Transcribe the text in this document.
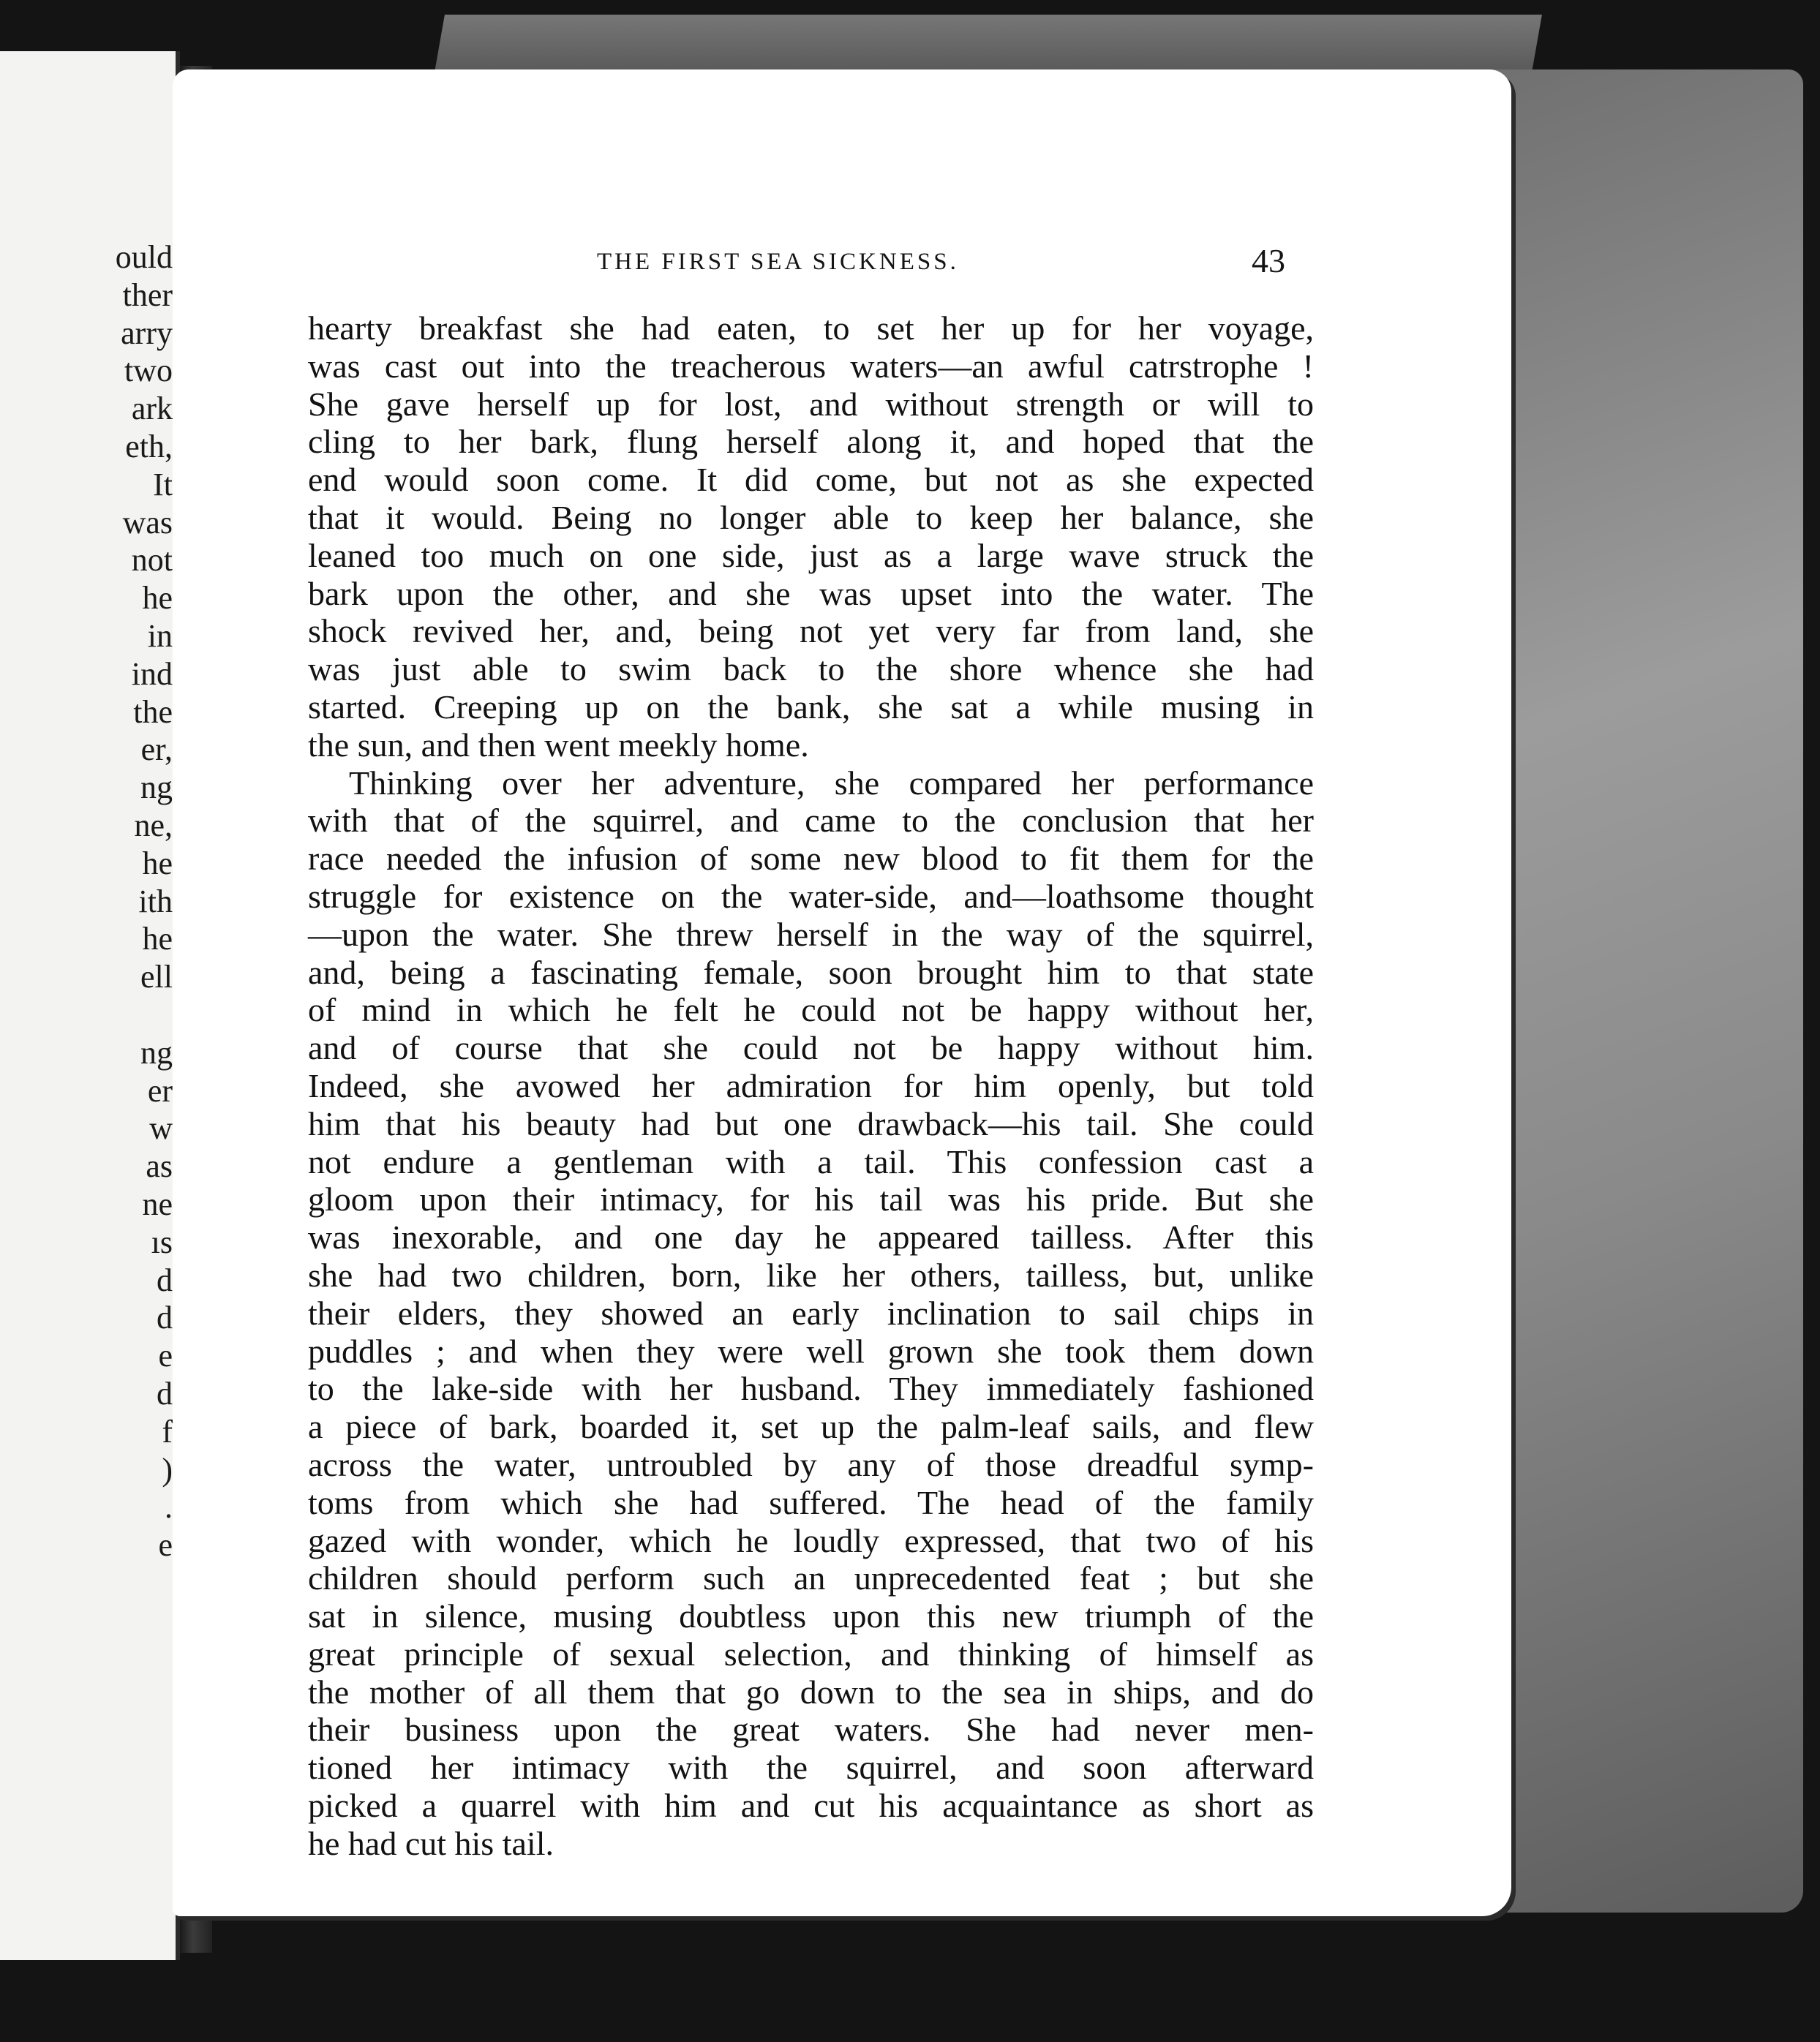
ould
ther
arry
two
ark
eth,
It
was
not
he
in
ind
the
er,
ng
ne,
he
ith
he
ell
ng
er
w
as
ne
ıs
d
d
e
d
f
)
.
e
THE FIRST SEA SICKNESS.	43
hearty breakfast she had eaten, to set her up for her voyage,
was cast out into the treacherous waters—an awful catrstrophe !
She gave herself up for lost, and without strength or will to
cling to her bark, flung herself along it, and hoped that the
end would soon come. It did come, but not as she expected
that it would. Being no longer able to keep her balance, she
leaned too much on one side, just as a large wave struck the
bark upon the other, and she was upset into the water. The
shock revived her, and, being not yet very far from land, she
was just able to swim back to the shore whence she had
started. Creeping up on the bank, she sat a while musing in
the sun, and then went meekly home.
Thinking over her adventure, she compared her performance
with that of the squirrel, and came to the conclusion that her
race needed the infusion of some new blood to fit them for the
struggle for existence on the water-side, and—loathsome thought
—upon the water. She threw herself in the way of the squirrel,
and, being a fascinating female, soon brought him to that state
of mind in which he felt he could not be happy without her,
and of course that she could not be happy without him.
Indeed, she avowed her admiration for him openly, but told
him that his beauty had but one drawback—his tail. She could
not endure a gentleman with a tail. This confession cast a
gloom upon their intimacy, for his tail was his pride. But she
was inexorable, and one day he appeared tailless. After this
she had two children, born, like her others, tailless, but, unlike
their elders, they showed an early inclination to sail chips in
puddles ; and when they were well grown she took them down
to the lake-side with her husband. They immediately fashioned
a piece of bark, boarded it, set up the palm-leaf sails, and flew
across the water, untroubled by any of those dreadful symp-
toms from which she had suffered. The head of the family
gazed with wonder, which he loudly expressed, that two of his
children should perform such an unprecedented feat ; but she
sat in silence, musing doubtless upon this new triumph of the
great principle of sexual selection, and thinking of himself as
the mother of all them that go down to the sea in ships, and do
their business upon the great waters. She had never men-
tioned her intimacy with the squirrel, and soon afterward
picked a quarrel with him and cut his acquaintance as short as
he had cut his tail.
